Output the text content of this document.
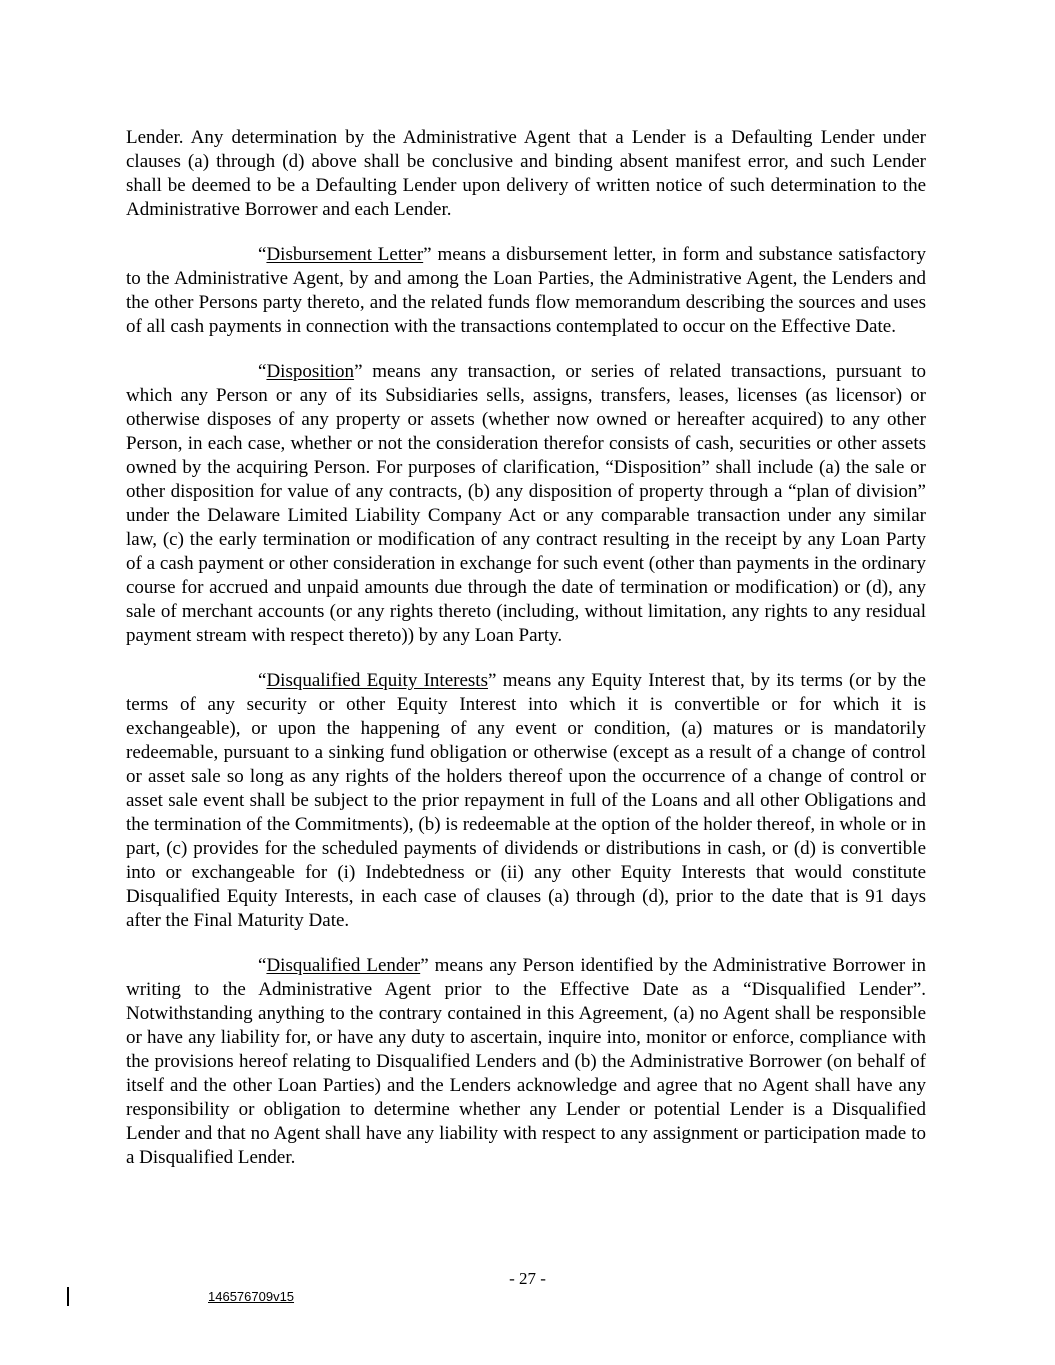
Lender. Any determination by the Administrative Agent that a Lender is a Defaulting Lender under clauses (a) through (d) above shall be conclusive and binding absent manifest error, and such Lender shall be deemed to be a Defaulting Lender upon delivery of written notice of such determination to the Administrative Borrower and each Lender.

“Disbursement Letter” means a disbursement letter, in form and substance satisfactory to the Administrative Agent, by and among the Loan Parties, the Administrative Agent, the Lenders and the other Persons party thereto, and the related funds flow memorandum describing the sources and uses of all cash payments in connection with the transactions contemplated to occur on the Effective Date.

“Disposition” means any transaction, or series of related transactions, pursuant to which any Person or any of its Subsidiaries sells, assigns, transfers, leases, licenses (as licensor) or otherwise disposes of any property or assets (whether now owned or hereafter acquired) to any other Person, in each case, whether or not the consideration therefor consists of cash, securities or other assets owned by the acquiring Person. For purposes of clarification, “Disposition” shall include (a) the sale or other disposition for value of any contracts, (b) any disposition of property through a “plan of division” under the Delaware Limited Liability Company Act or any comparable transaction under any similar law, (c) the early termination or modification of any contract resulting in the receipt by any Loan Party of a cash payment or other consideration in exchange for such event (other than payments in the ordinary course for accrued and unpaid amounts due through the date of termination or modification) or (d), any sale of merchant accounts (or any rights thereto (including, without limitation, any rights to any residual payment stream with respect thereto)) by any Loan Party.

“Disqualified Equity Interests” means any Equity Interest that, by its terms (or by the terms of any security or other Equity Interest into which it is convertible or for which it is exchangeable), or upon the happening of any event or condition, (a) matures or is mandatorily redeemable, pursuant to a sinking fund obligation or otherwise (except as a result of a change of control or asset sale so long as any rights of the holders thereof upon the occurrence of a change of control or asset sale event shall be subject to the prior repayment in full of the Loans and all other Obligations and the termination of the Commitments), (b) is redeemable at the option of the holder thereof, in whole or in part, (c) provides for the scheduled payments of dividends or distributions in cash, or (d) is convertible into or exchangeable for (i) Indebtedness or (ii) any other Equity Interests that would constitute Disqualified Equity Interests, in each case of clauses (a) through (d), prior to the date that is 91 days after the Final Maturity Date.

“Disqualified Lender” means any Person identified by the Administrative Borrower in writing to the Administrative Agent prior to the Effective Date as a “Disqualified Lender”. Notwithstanding anything to the contrary contained in this Agreement, (a) no Agent shall be responsible or have any liability for, or have any duty to ascertain, inquire into, monitor or enforce, compliance with the provisions hereof relating to Disqualified Lenders and (b) the Administrative Borrower (on behalf of itself and the other Loan Parties) and the Lenders acknowledge and agree that no Agent shall have any responsibility or obligation to determine whether any Lender or potential Lender is a Disqualified Lender and that no Agent shall have any liability with respect to any assignment or participation made to a Disqualified Lender.

- 27 -
146576709v15
